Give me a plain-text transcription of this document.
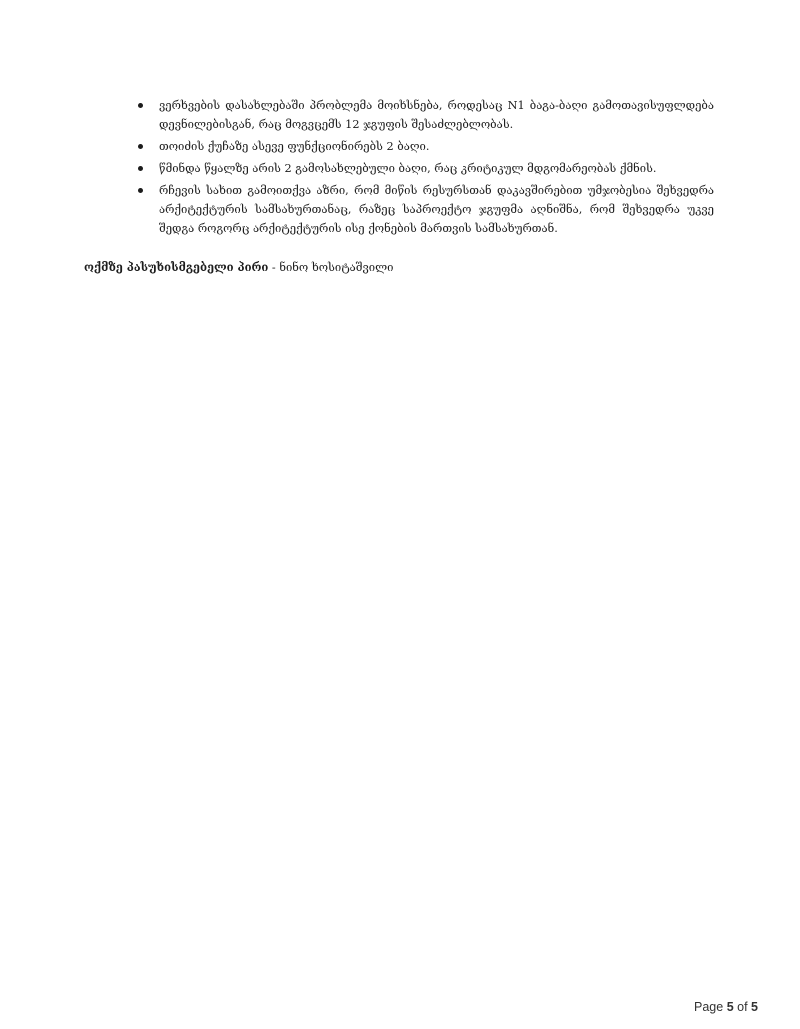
ვერხვების დასახლებაში პრობლემა მოიხსნება, როდესაც N1 ბაგა-ბაღი გამოთავისუფლდება დევნილებისგან, რაც მოგვცემს 12 ჯგუფის შესაძლებლობას.
თოიძის ქუჩაზე ასევე ფუნქციონირებს 2 ბაღი.
წმინდა წყალზე არის 2 გამოსახლებული ბაღი, რაც კრიტიკულ მდგომარეობას ქმნის.
რჩევის სახით გამოითქვა აზრი, რომ მიწის რესურსთან დაკავშირებით უმჯობესია შეხვედრა არქიტექტურის სამსახურთანაც, რაზეც საპროექტო ჯგუფმა აღნიშნა, რომ შეხვედრა უკვე შედგა როგორც არქიტექტურის ისე ქონების მართვის სამსახურთან.
ოქმზე პასუხისმგებელი პირი - ნინო ხოსიტაშვილი
Page 5 of 5
